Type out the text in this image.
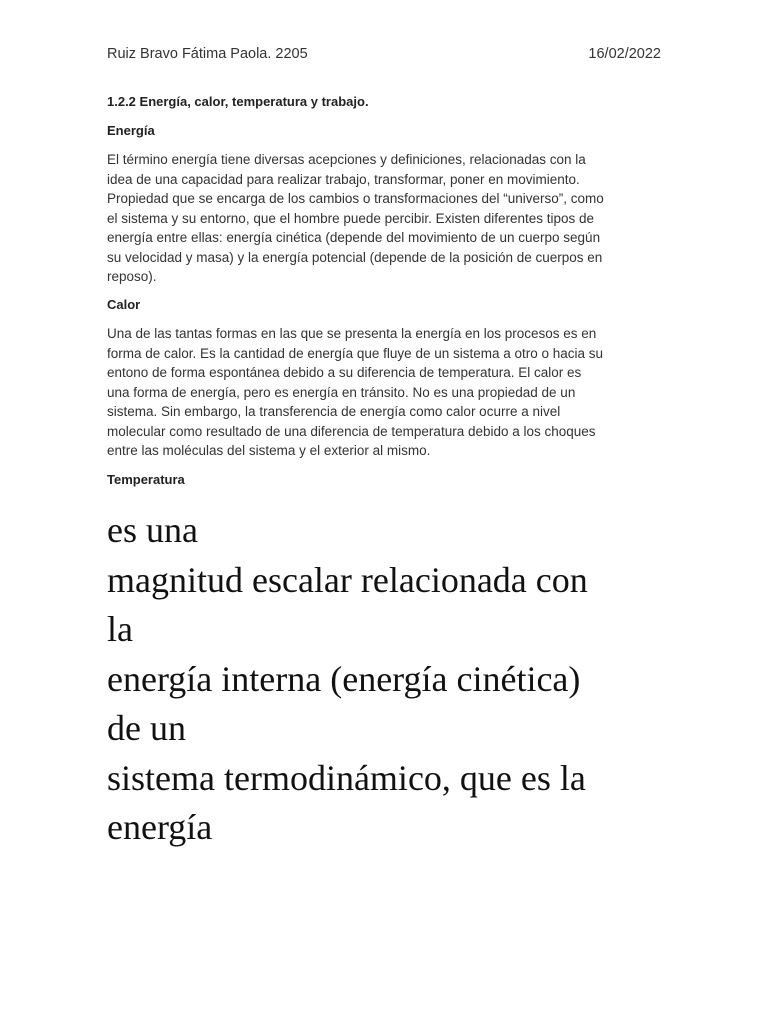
Ruiz Bravo Fátima Paola. 2205	16/02/2022
1.2.2 Energía, calor, temperatura y trabajo.
Energía

El término energía tiene diversas acepciones y definiciones, relacionadas con la

idea de una capacidad para realizar trabajo, transformar, poner en movimiento.

Propiedad que se encarga de los cambios o transformaciones del “universo”, como

el sistema y su entorno, que el hombre puede percibir. Existen diferentes tipos de

energía entre ellas: energía cinética (depende del movimiento de un cuerpo según

su velocidad y masa) y la energía potencial (depende de la posición de cuerpos en

reposo).

Calor

Una de las tantas formas en las que se presenta la energía en los procesos es en

forma de calor. Es la cantidad de energía que fluye de un sistema a otro o hacia su

entono de forma espontánea debido a su diferencia de temperatura. El calor es

una forma de energía, pero es energía en tránsito. No es una propiedad de un

sistema. Sin embargo, la transferencia de energía como calor ocurre a nivel

molecular como resultado de una diferencia de temperatura debido a los choques

entre las moléculas del sistema y el exterior al mismo.

Temperatura

es una

magnitud escalar relacionada con

la

energía interna (energía cinética)

de un

sistema termodinámico, que es la

energía
